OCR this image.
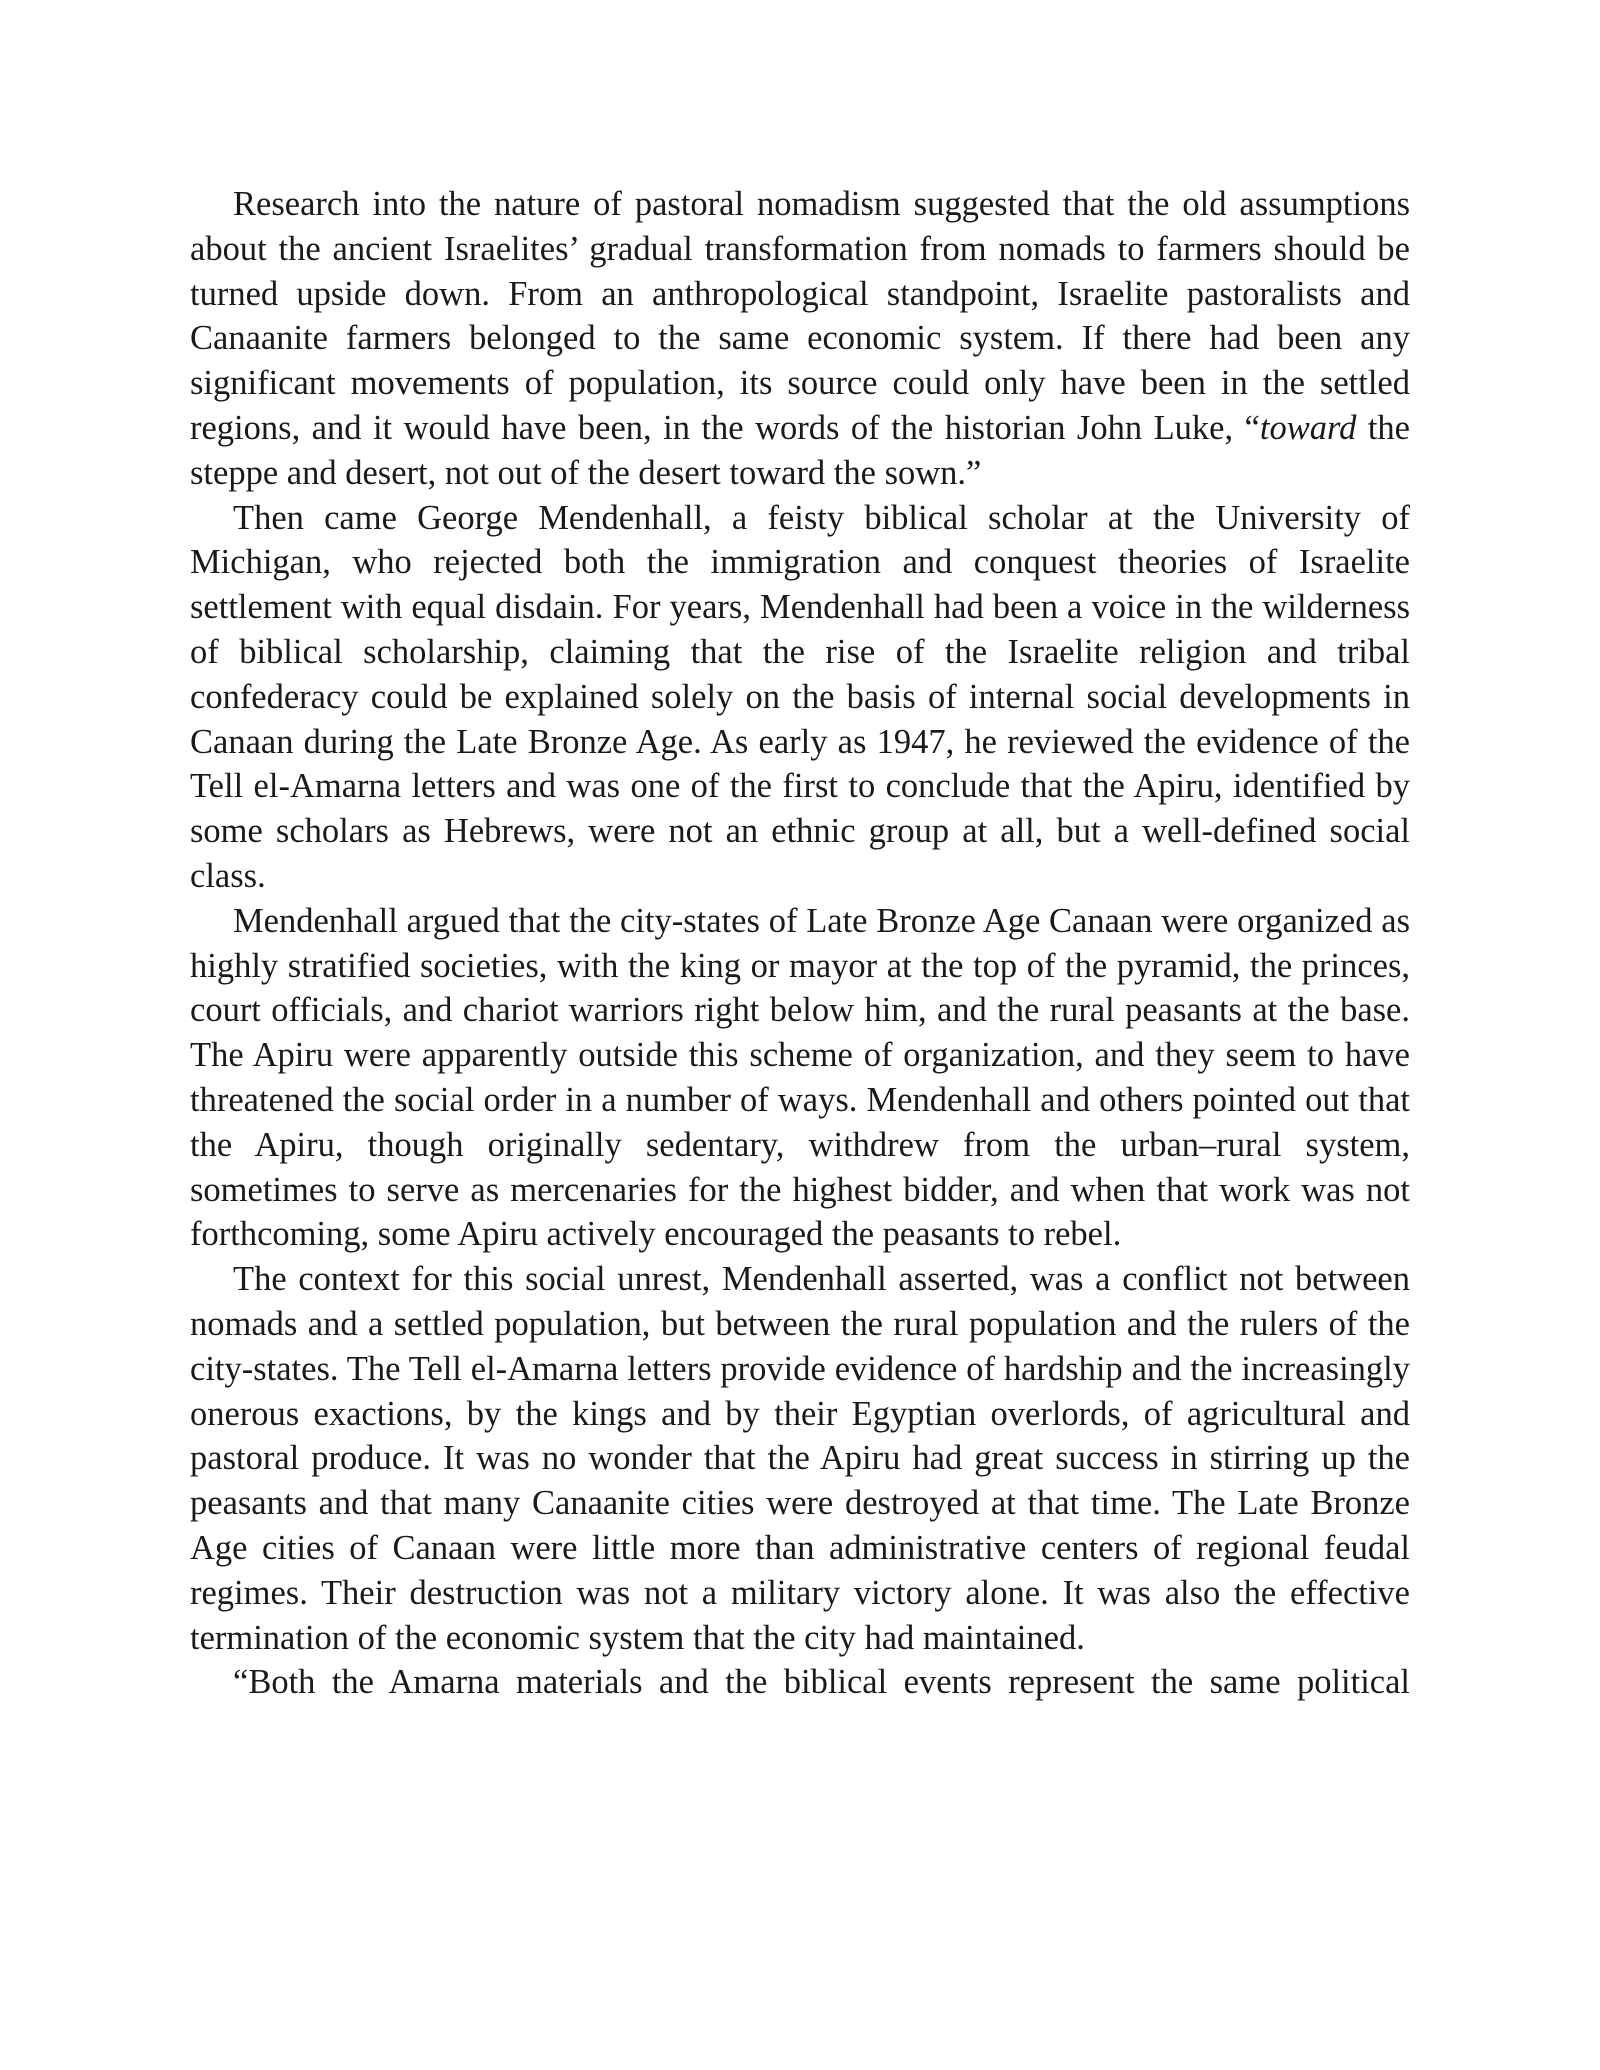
Research into the nature of pastoral nomadism suggested that the old assumptions about the ancient Israelites’ gradual transformation from nomads to farmers should be turned upside down. From an anthropological standpoint, Israelite pastoralists and Canaanite farmers belonged to the same economic system. If there had been any significant movements of population, its source could only have been in the settled regions, and it would have been, in the words of the historian John Luke, “toward the steppe and desert, not out of the desert toward the sown.”

Then came George Mendenhall, a feisty biblical scholar at the University of Michigan, who rejected both the immigration and conquest theories of Israelite settlement with equal disdain. For years, Mendenhall had been a voice in the wilderness of biblical scholarship, claiming that the rise of the Israelite religion and tribal confederacy could be explained solely on the basis of internal social developments in Canaan during the Late Bronze Age. As early as 1947, he reviewed the evidence of the Tell el-Amarna letters and was one of the first to conclude that the Apiru, identified by some scholars as Hebrews, were not an ethnic group at all, but a well-defined social class.

Mendenhall argued that the city-states of Late Bronze Age Canaan were organized as highly stratified societies, with the king or mayor at the top of the pyramid, the princes, court officials, and chariot warriors right below him, and the rural peasants at the base. The Apiru were apparently outside this scheme of organization, and they seem to have threatened the social order in a number of ways. Mendenhall and others pointed out that the Apiru, though originally sedentary, withdrew from the urban–rural system, sometimes to serve as mercenaries for the highest bidder, and when that work was not forthcoming, some Apiru actively encouraged the peasants to rebel.

The context for this social unrest, Mendenhall asserted, was a conflict not between nomads and a settled population, but between the rural population and the rulers of the city-states. The Tell el-Amarna letters provide evidence of hardship and the increasingly onerous exactions, by the kings and by their Egyptian overlords, of agricultural and pastoral produce. It was no wonder that the Apiru had great success in stirring up the peasants and that many Canaanite cities were destroyed at that time. The Late Bronze Age cities of Canaan were little more than administrative centers of regional feudal regimes. Their destruction was not a military victory alone. It was also the effective termination of the economic system that the city had maintained.

“Both the Amarna materials and the biblical events represent the same political
